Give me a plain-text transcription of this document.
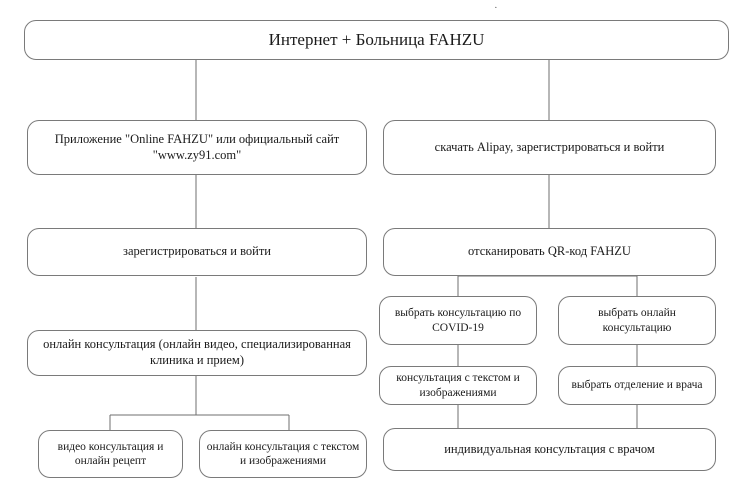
·
Интернет + Больница FAHZU
Приложение "Online FAHZU" или официальный сайт "www.zy91.com"
скачать Alipay, зарегистрироваться и войти
зарегистрироваться и войти	отсканировать QR-код FAHZU
выбрать консультацию по COVID-19
выбрать онлайн консультацию
онлайн консультация (онлайн видео, специализированная клиника и прием)
консультация с текстом и изображениями
выбрать отделение и врача
видео консультация и онлайн рецепт
онлайн консультация с текстом и изображениями
индивидуальная консультация с врачом
